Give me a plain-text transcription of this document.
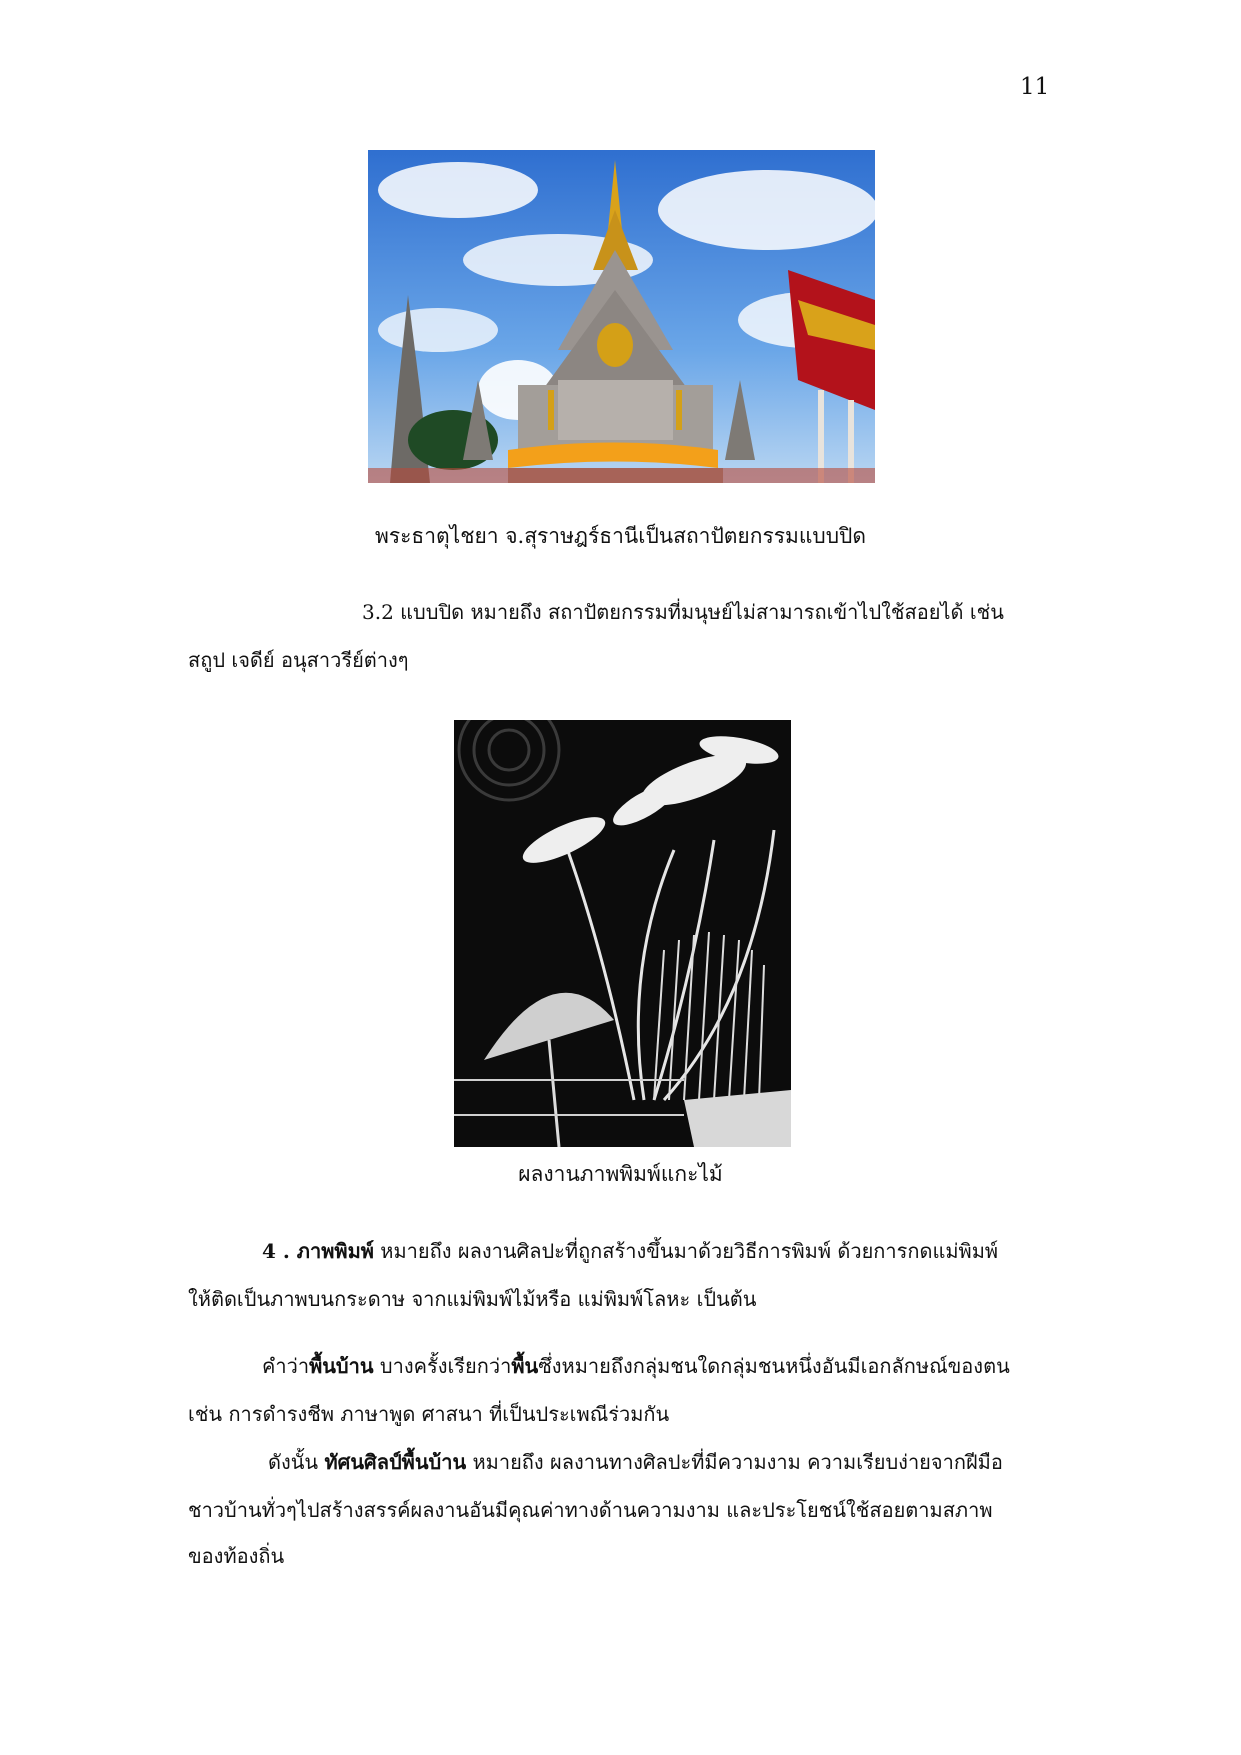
11
พระธาตุไชยา จ.สุราษฎร์ธานีเป็นสถาปัตยกรรมแบบปิด
3.2 แบบปิด หมายถึง สถาปัตยกรรมที่มนุษย์ไม่สามารถเข้าไปใช้สอยได้ เช่น
สถูป เจดีย์ อนุสาวรีย์ต่างๆ
ผลงานภาพพิมพ์แกะไม้
4 . ภาพพิมพ์ หมายถึง ผลงานศิลปะที่ถูกสร้างขึ้นมาด้วยวิธีการพิมพ์ ด้วยการกดแม่พิมพ์
ให้ติดเป็นภาพบนกระดาษ จากแม่พิมพ์ไม้หรือ แม่พิมพ์โลหะ เป็นต้น
คำว่าพื้นบ้าน บางครั้งเรียกว่าพื้นซึ่งหมายถึงกลุ่มชนใดกลุ่มชนหนึ่งอันมีเอกลักษณ์ของตน
เช่น การดำรงชีพ ภาษาพูด ศาสนา ที่เป็นประเพณีร่วมกัน
ดังนั้น ทัศนศิลป์พื้นบ้าน หมายถึง ผลงานทางศิลปะที่มีความงาม ความเรียบง่ายจากฝีมือ
ชาวบ้านทั่วๆไปสร้างสรรค์ผลงานอันมีคุณค่าทางด้านความงาม และประโยชน์ใช้สอยตามสภาพ
ของท้องถิ่น
